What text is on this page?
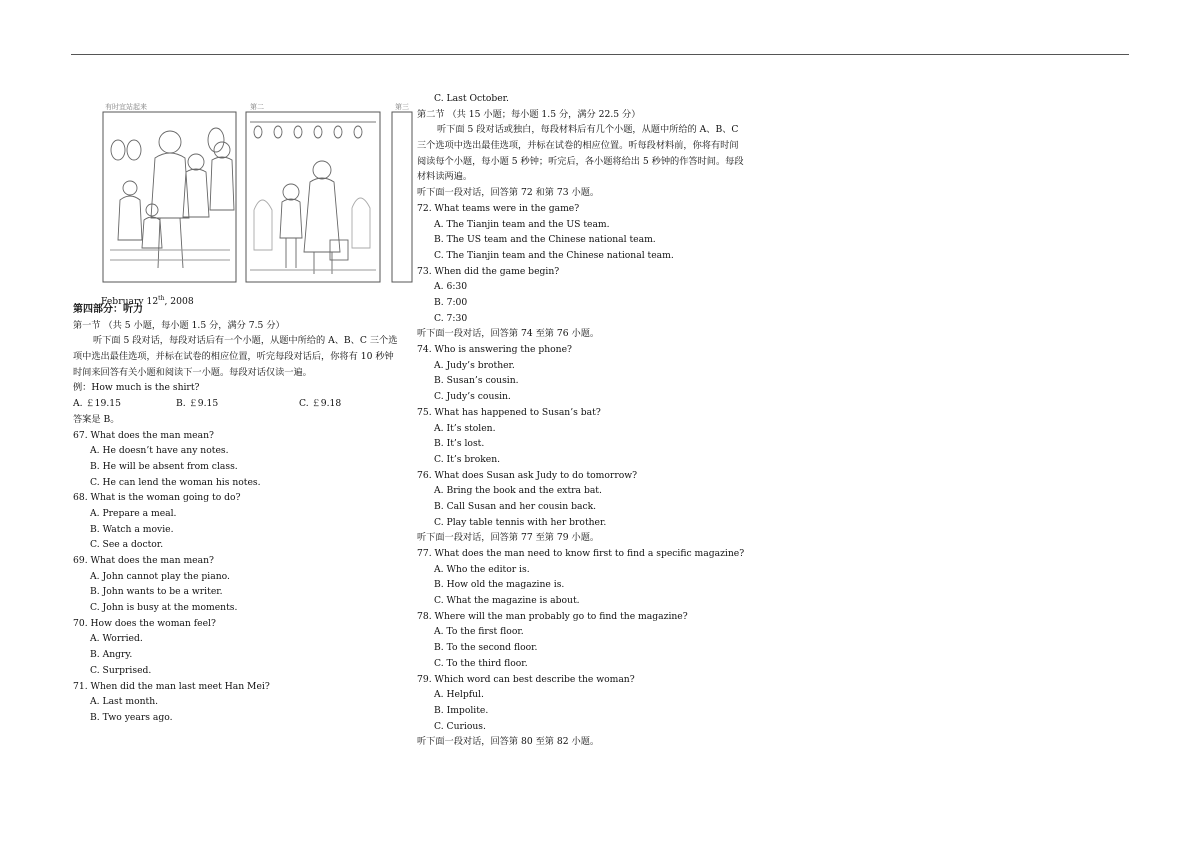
有时宜站起来	第二	第三
February 12th, 2008
第四部分：听力
第一节 （共 5 小题，每小题 1.5 分，满分 7.5 分）
听下面 5 段对话，每段对话后有一个小题，从题中所给的 A、B、C 三个选项中选出最佳选项，并标在试卷的相应位置，听完每段对话后，你将有 10 秒钟时间来回答有关小题和阅读下一小题。每段对话仅读一遍。
例：How much is the shirt?
A. ￡19.15	B. ￡9.15	C. ￡9.18
答案是 B。
67. What does the man mean?
A. He doesn’t have any notes.
B. He will be absent from class.
C. He can lend the woman his notes.
68. What is the woman going to do?
A. Prepare a meal.
B. Watch a movie.
C. See a doctor.
69. What does the man mean?
A. John cannot play the piano.
B. John wants to be a writer.
C. John is busy at the moments.
70. How does the woman feel?
A. Worried.
B. Angry.
C. Surprised.
71. When did the man last meet Han Mei?
A. Last month.
B. Two years ago.
C. Last October.
第二节 （共 15 小题；每小题 1.5 分，满分 22.5 分）
听下面 5 段对话或独白，每段材料后有几个小题，从题中所给的 A、B、C 三个选项中选出最佳选项，并标在试卷的相应位置。听每段材料前，你将有时间阅读每个小题，每小题 5 秒钟；听完后，各小题将给出 5 秒钟的作答时间。每段材料读两遍。
听下面一段对话，回答第 72 和第 73 小题。
72. What teams were in the game?
A. The Tianjin team and the US team.
B. The US team and the Chinese national team.
C. The Tianjin team and the Chinese national team.
73. When did the game begin?
A. 6:30
B. 7:00
C. 7:30
听下面一段对话，回答第 74 至第 76 小题。
74. Who is answering the phone?
A. Judy’s brother.
B. Susan’s cousin.
C. Judy’s cousin.
75. What has happened to Susan’s bat?
A. It’s stolen.
B. It’s lost.
C. It’s broken.
76. What does Susan ask Judy to do tomorrow?
A. Bring the book and the extra bat.
B. Call Susan and her cousin back.
C. Play table tennis with her brother.
听下面一段对话，回答第 77 至第 79 小题。
77. What does the man need to know first to find a specific magazine?
A. Who the editor is.
B. How old the magazine is.
C. What the magazine is about.
78. Where will the man probably go to find the magazine?
A. To the first floor.
B. To the second floor.
C. To the third floor.
79. Which word can best describe the woman?
A. Helpful.
B. Impolite.
C. Curious.
听下面一段对话，回答第 80 至第 82 小题。
